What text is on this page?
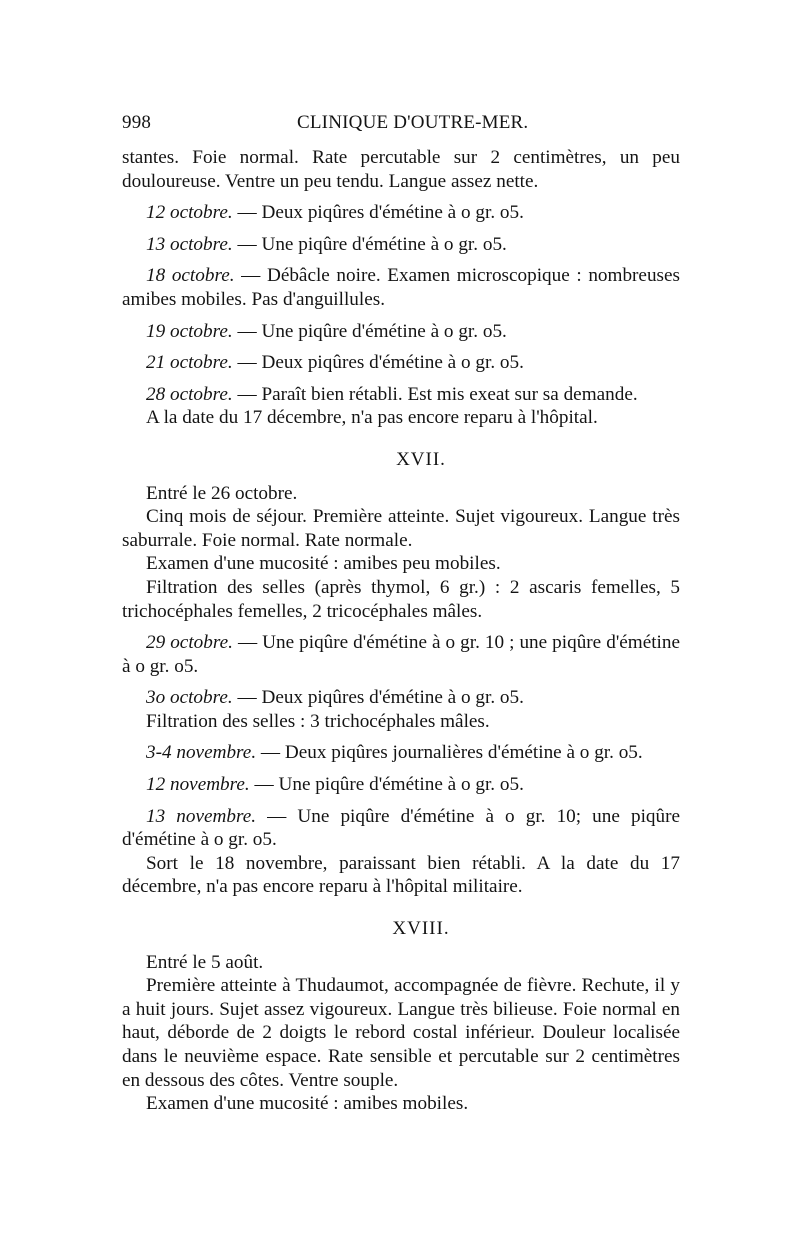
998	CLINIQUE D'OUTRE-MER.

stantes. Foie normal. Rate percutable sur 2 centimètres, un peu douloureuse. Ventre un peu tendu. Langue assez nette.

12 octobre. — Deux piqûres d'émétine à o gr. o5.

13 octobre. — Une piqûre d'émétine à o gr. o5.

18 octobre. — Débâcle noire. Examen microscopique : nombreuses amibes mobiles. Pas d'anguillules.

19 octobre. — Une piqûre d'émétine à o gr. o5.

21 octobre. — Deux piqûres d'émétine à o gr. o5.

28 octobre. — Paraît bien rétabli. Est mis exeat sur sa demande.

A la date du 17 décembre, n'a pas encore reparu à l'hôpital.

XVII.

Entré le 26 octobre.

Cinq mois de séjour. Première atteinte. Sujet vigoureux. Langue très saburrale. Foie normal. Rate normale.

Examen d'une mucosité : amibes peu mobiles.

Filtration des selles (après thymol, 6 gr.) : 2 ascaris femelles, 5 trichocéphales femelles, 2 tricocéphales mâles.

29 octobre. — Une piqûre d'émétine à o gr. 10 ; une piqûre d'émétine à o gr. o5.

3o octobre. — Deux piqûres d'émétine à o gr. o5.

Filtration des selles : 3 trichocéphales mâles.

3-4 novembre. — Deux piqûres journalières d'émétine à o gr. o5.

12 novembre. — Une piqûre d'émétine à o gr. o5.

13 novembre. — Une piqûre d'émétine à o gr. 10; une piqûre d'émétine à o gr. o5.

Sort le 18 novembre, paraissant bien rétabli. A la date du 17 décembre, n'a pas encore reparu à l'hôpital militaire.

XVIII.

Entré le 5 août.

Première atteinte à Thudaumot, accompagnée de fièvre. Rechute, il y a huit jours. Sujet assez vigoureux. Langue très bilieuse. Foie normal en haut, déborde de 2 doigts le rebord costal inférieur. Douleur localisée dans le neuvième espace. Rate sensible et percutable sur 2 centimètres en dessous des côtes. Ventre souple.

Examen d'une mucosité : amibes mobiles.
